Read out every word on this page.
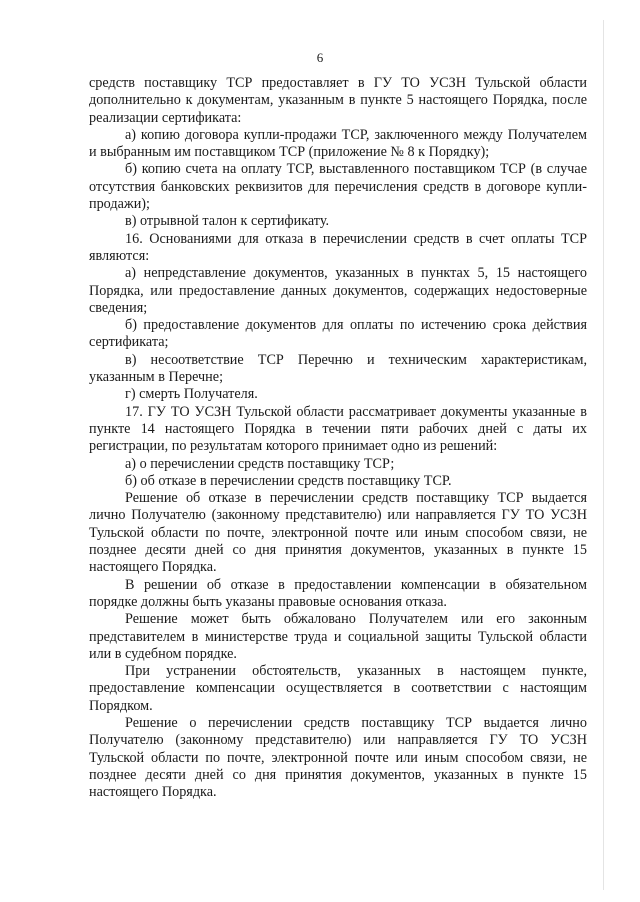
6

средств поставщику ТСР предоставляет в ГУ ТО УСЗН Тульской области дополнительно к документам, указанным в пункте 5 настоящего Порядка, после реализации сертификата:

а) копию договора купли-продажи ТСР, заключенного между Получателем и выбранным им поставщиком ТСР (приложение № 8 к Порядку);

б) копию счета на оплату ТСР, выставленного поставщиком ТСР (в случае отсутствия банковских реквизитов для перечисления средств в договоре купли-продажи);

в) отрывной талон к сертификату.

16. Основаниями для отказа в перечислении средств в счет оплаты ТСР являются:

а) непредставление документов, указанных в пунктах 5, 15 настоящего Порядка, или предоставление данных документов, содержащих недостоверные сведения;

б) предоставление документов для оплаты по истечению срока действия сертификата;

в) несоответствие ТСР Перечню и техническим характеристикам, указанным в Перечне;

г) смерть Получателя.

17. ГУ ТО УСЗН Тульской области рассматривает документы указанные в пункте 14 настоящего Порядка в течении пяти рабочих дней с даты их регистрации, по результатам которого принимает одно из решений:

а) о перечислении средств поставщику ТСР;

б) об отказе в перечислении средств поставщику ТСР.

Решение об отказе в перечислении средств поставщику ТСР выдается лично Получателю (законному представителю) или направляется ГУ ТО УСЗН Тульской области по почте, электронной почте или иным способом связи, не позднее десяти дней со дня принятия документов, указанных в пункте 15 настоящего Порядка.

В решении об отказе в предоставлении компенсации в обязательном порядке должны быть указаны правовые основания отказа.

Решение может быть обжаловано Получателем или его законным представителем в министерстве труда и социальной защиты Тульской области или в судебном порядке.

При устранении обстоятельств, указанных в настоящем пункте, предоставление компенсации осуществляется в соответствии с настоящим Порядком.

Решение о перечислении средств поставщику ТСР выдается лично Получателю (законному представителю) или направляется ГУ ТО УСЗН Тульской области по почте, электронной почте или иным способом связи, не позднее десяти дней со дня принятия документов, указанных в пункте 15 настоящего Порядка.
